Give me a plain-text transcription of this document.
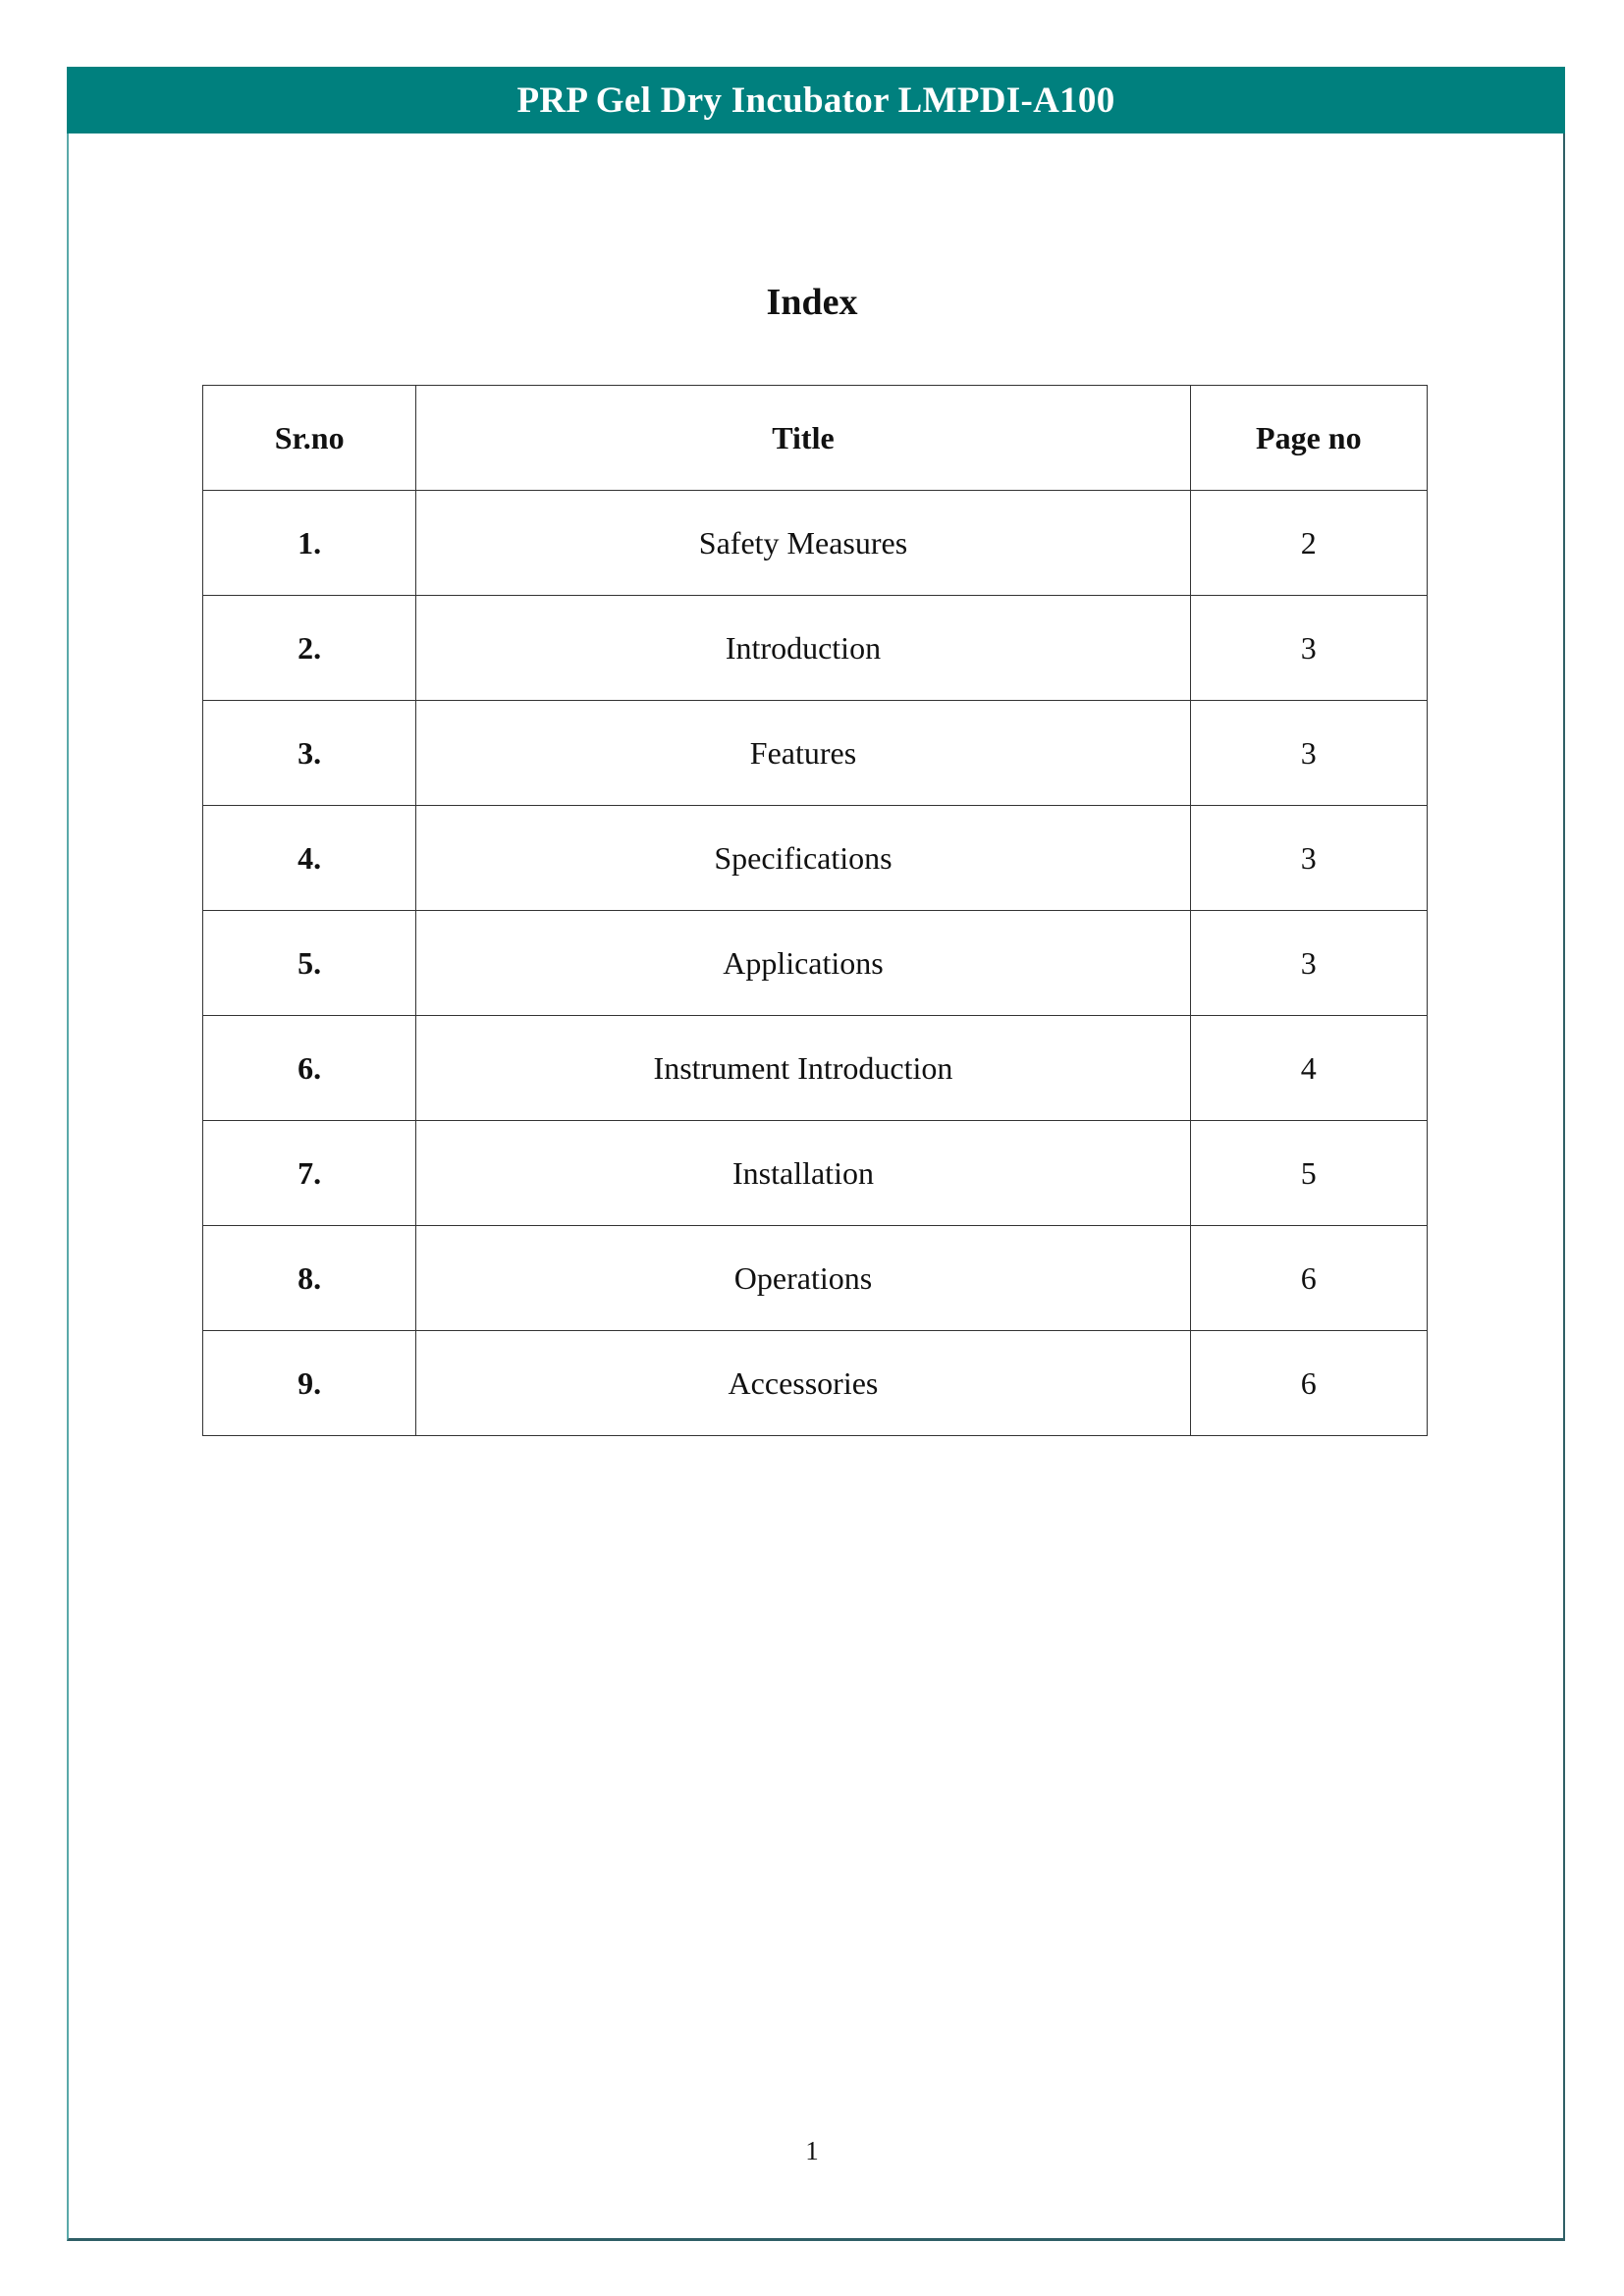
PRP Gel Dry Incubator LMPDI-A100
Index
Sr.no	Title	Page no
1.	Safety Measures	2
2.	Introduction	3
3.	Features	3
4.	Specifications	3
5.	Applications	3
6.	Instrument Introduction	4
7.	Installation	5
8.	Operations	6
9.	Accessories	6
1
